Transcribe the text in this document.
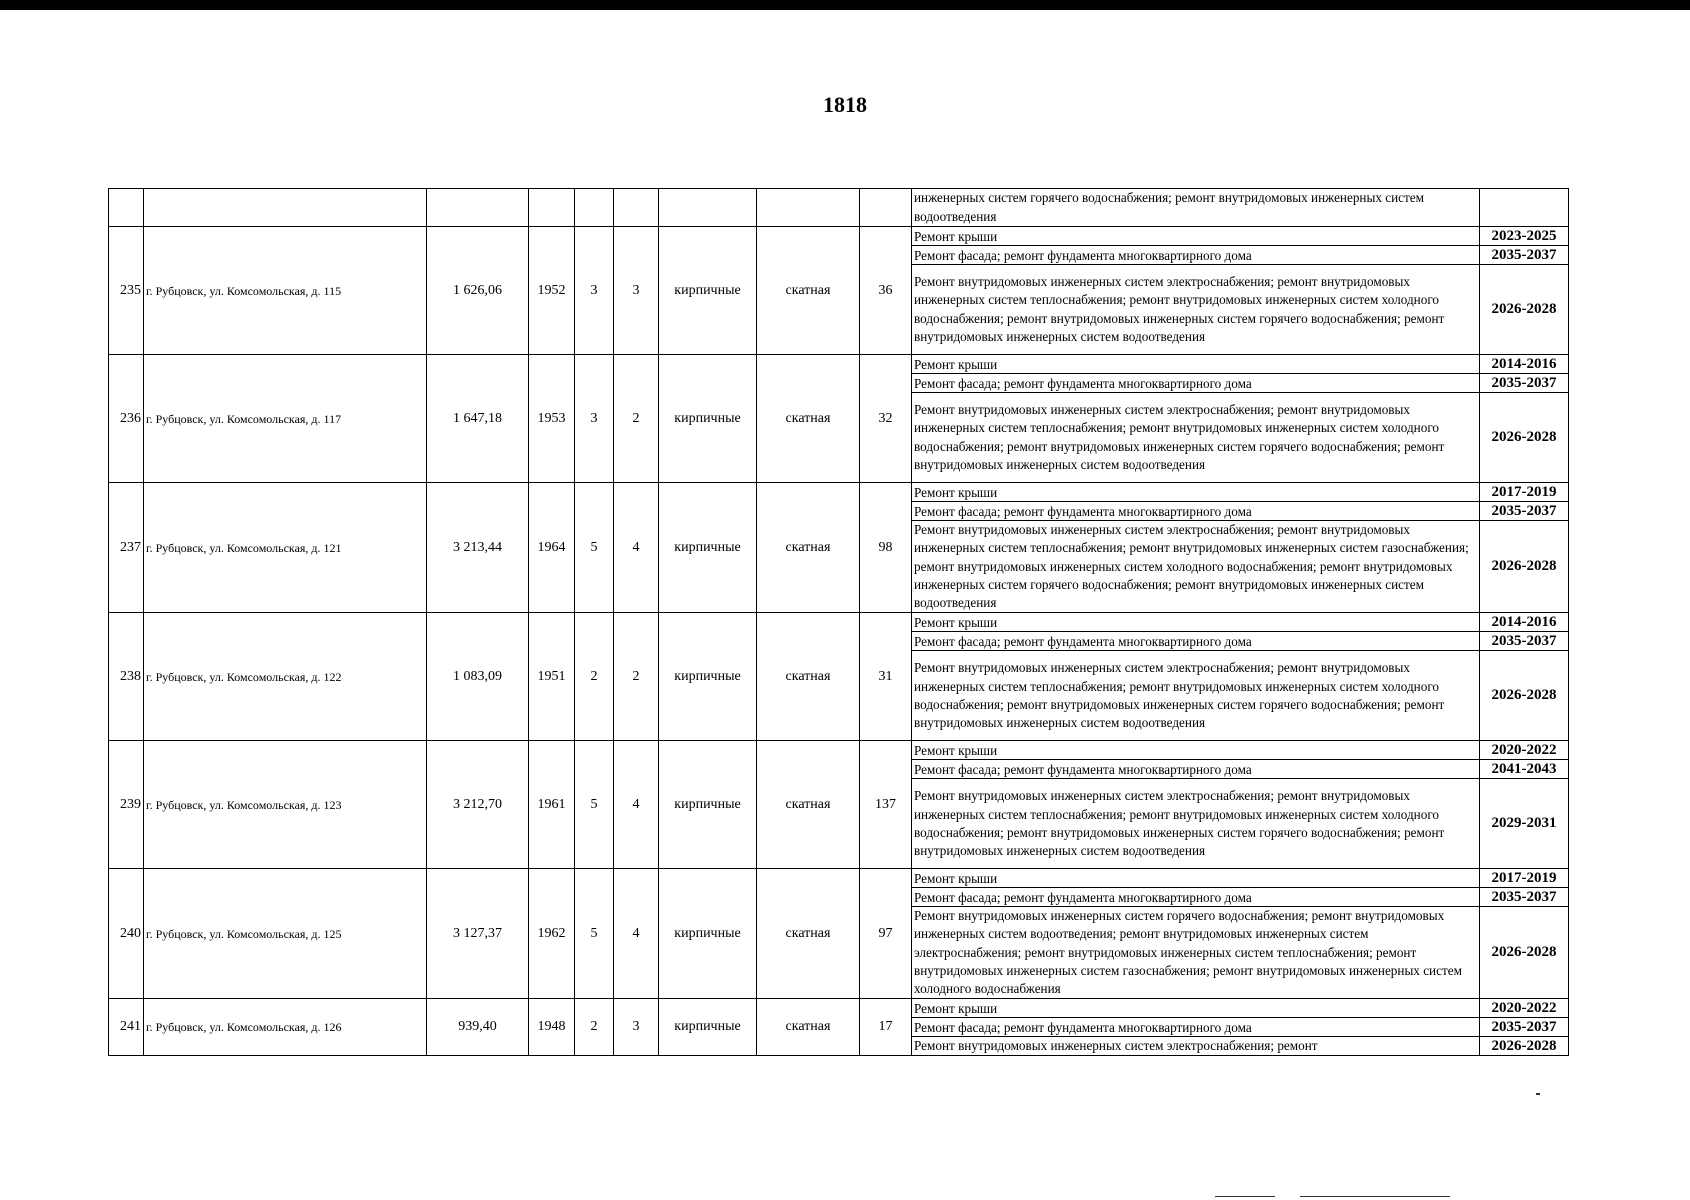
1818
									инженерных систем горячего водоснабжения; ремонт внутридомовых инженерных систем водоотведения	
235	г. Рубцовск, ул. Комсомольская, д. 115	1 626,06	1952	3	3	кирпичные	скатная	36	Ремонт крыши	2023-2025
									Ремонт фасада; ремонт фундамента многоквартирного дома	2035-2037
									Ремонт внутридомовых инженерных систем электроснабжения; ремонт внутридомовых инженерных систем теплоснабжения; ремонт внутридомовых инженерных систем холодного водоснабжения; ремонт внутридомовых инженерных систем горячего водоснабжения; ремонт внутридомовых инженерных систем водоотведения	2026-2028
236	г. Рубцовск, ул. Комсомольская, д. 117	1 647,18	1953	3	2	кирпичные	скатная	32	Ремонт крыши	2014-2016
									Ремонт фасада; ремонт фундамента многоквартирного дома	2035-2037
									Ремонт внутридомовых инженерных систем электроснабжения; ремонт внутридомовых инженерных систем теплоснабжения; ремонт внутридомовых инженерных систем холодного водоснабжения; ремонт внутридомовых инженерных систем горячего водоснабжения; ремонт внутридомовых инженерных систем водоотведения	2026-2028
237	г. Рубцовск, ул. Комсомольская, д. 121	3 213,44	1964	5	4	кирпичные	скатная	98	Ремонт крыши	2017-2019
									Ремонт фасада; ремонт фундамента многоквартирного дома	2035-2037
									Ремонт внутридомовых инженерных систем электроснабжения; ремонт внутридомовых инженерных систем теплоснабжения; ремонт внутридомовых инженерных систем газоснабжения; ремонт внутридомовых инженерных систем холодного водоснабжения; ремонт внутридомовых инженерных систем горячего водоснабжения; ремонт внутридомовых инженерных систем водоотведения	2026-2028
238	г. Рубцовск, ул. Комсомольская, д. 122	1 083,09	1951	2	2	кирпичные	скатная	31	Ремонт крыши	2014-2016
									Ремонт фасада; ремонт фундамента многоквартирного дома	2035-2037
									Ремонт внутридомовых инженерных систем электроснабжения; ремонт внутридомовых инженерных систем теплоснабжения; ремонт внутридомовых инженерных систем холодного водоснабжения; ремонт внутридомовых инженерных систем горячего водоснабжения; ремонт внутридомовых инженерных систем водоотведения	2026-2028
239	г. Рубцовск, ул. Комсомольская, д. 123	3 212,70	1961	5	4	кирпичные	скатная	137	Ремонт крыши	2020-2022
									Ремонт фасада; ремонт фундамента многоквартирного дома	2041-2043
									Ремонт внутридомовых инженерных систем электроснабжения; ремонт внутридомовых инженерных систем теплоснабжения; ремонт внутридомовых инженерных систем холодного водоснабжения; ремонт внутридомовых инженерных систем горячего водоснабжения; ремонт внутридомовых инженерных систем водоотведения	2029-2031
240	г. Рубцовск, ул. Комсомольская, д. 125	3 127,37	1962	5	4	кирпичные	скатная	97	Ремонт крыши	2017-2019
									Ремонт фасада; ремонт фундамента многоквартирного дома	2035-2037
									Ремонт внутридомовых инженерных систем горячего водоснабжения; ремонт внутридомовых инженерных систем водоотведения; ремонт внутридомовых инженерных систем электроснабжения; ремонт внутридомовых инженерных систем теплоснабжения; ремонт внутридомовых инженерных систем газоснабжения; ремонт внутридомовых инженерных систем холодного водоснабжения	2026-2028
241	г. Рубцовск, ул. Комсомольская, д. 126	939,40	1948	2	3	кирпичные	скатная	17	Ремонт крыши	2020-2022
									Ремонт фасада; ремонт фундамента многоквартирного дома	2035-2037
									Ремонт внутридомовых инженерных систем электроснабжения; ремонт	2026-2028
